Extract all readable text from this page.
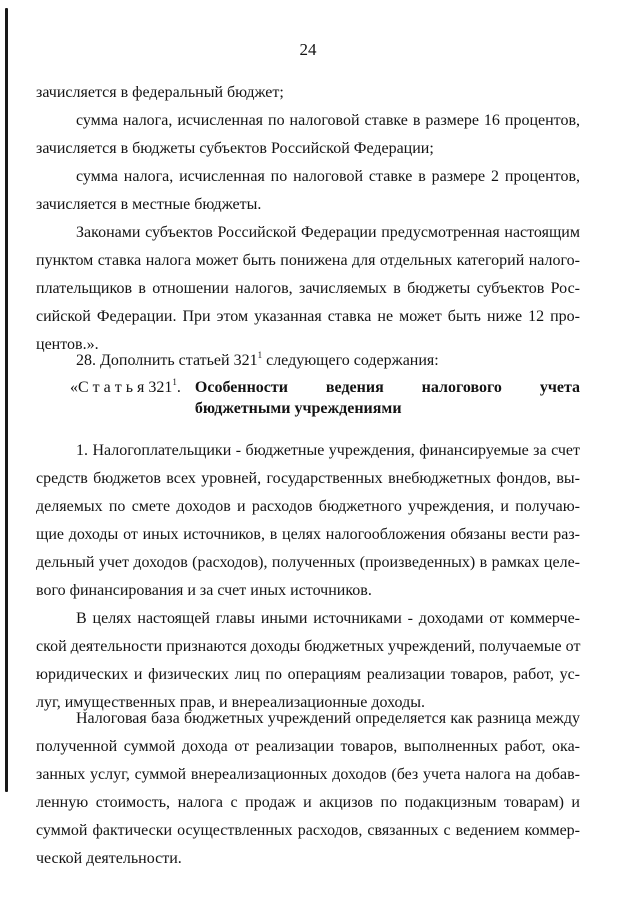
24
зачисляется в федеральный бюджет;
сумма налога, исчисленная по налоговой ставке в размере 16 процентов,
зачисляется в бюджеты субъектов Российской Федерации;
сумма налога, исчисленная по налоговой ставке в размере 2 процентов,
зачисляется в местные бюджеты.
Законами субъектов Российской Федерации предусмотренная настоящим
пунктом ставка налога может быть понижена для отдельных категорий налого-
плательщиков в отношении налогов, зачисляемых в бюджеты субъектов Рос-
сийской Федерации. При этом указанная ставка не может быть ниже 12 про-
центов.».
28. Дополнить статьей $321^1$ следующего содержания:
«С т а т ь я $321^1$. Особенности ведения налогового учета
бюджетными учреждениями
1. Налогоплательщики - бюджетные учреждения, финансируемые за счет
средств бюджетов всех уровней, государственных внебюджетных фондов, вы-
деляемых по смете доходов и расходов бюджетного учреждения, и получаю-
щие доходы от иных источников, в целях налогообложения обязаны вести раз-
дельный учет доходов (расходов), полученных (произведенных) в рамках целе-
вого финансирования и за счет иных источников.
В целях настоящей главы иными источниками - доходами от коммерче-
ской деятельности признаются доходы бюджетных учреждений, получаемые от
юридических и физических лиц по операциям реализации товаров, работ, ус-
луг, имущественных прав, и внереализационные доходы.
Налоговая база бюджетных учреждений определяется как разница между
полученной суммой дохода от реализации товаров, выполненных работ, ока-
занных услуг, суммой внереализационных доходов (без учета налога на добав-
ленную стоимость, налога с продаж и акцизов по подакцизным товарам) и
суммой фактически осуществленных расходов, связанных с ведением коммер-
ческой деятельности.
